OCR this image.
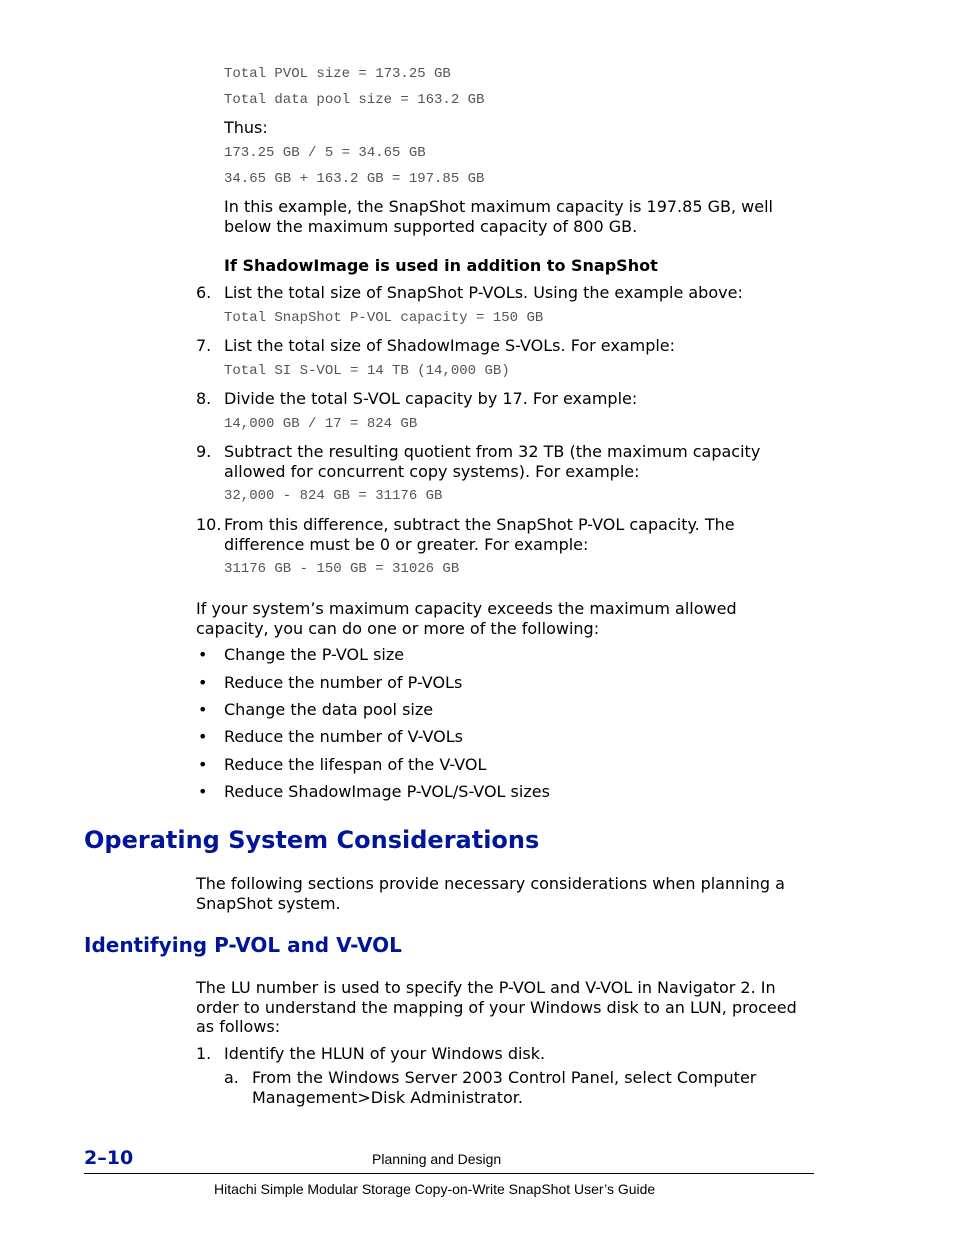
Total PVOL size = 173.25 GB
Total data pool size = 163.2 GB
Thus:
173.25 GB / 5 = 34.65 GB
34.65 GB + 163.2 GB = 197.85 GB
In this example, the SnapShot maximum capacity is 197.85 GB, well below the maximum supported capacity of 800 GB.
If ShadowImage is used in addition to SnapShot
6. List the total size of SnapShot P-VOLs. Using the example above:
Total SnapShot P-VOL capacity = 150 GB
7. List the total size of ShadowImage S-VOLs. For example:
Total SI S-VOL = 14 TB (14,000 GB)
8. Divide the total S-VOL capacity by 17. For example:
14,000 GB / 17 = 824 GB
9. Subtract the resulting quotient from 32 TB (the maximum capacity allowed for concurrent copy systems). For example:
32,000 - 824 GB = 31176 GB
10. From this difference, subtract the SnapShot P-VOL capacity. The difference must be 0 or greater. For example:
31176 GB - 150 GB = 31026 GB
If your system’s maximum capacity exceeds the maximum allowed capacity, you can do one or more of the following:
• Change the P-VOL size
• Reduce the number of P-VOLs
• Change the data pool size
• Reduce the number of V-VOLs
• Reduce the lifespan of the V-VOL
• Reduce ShadowImage P-VOL/S-VOL sizes
Operating System Considerations
The following sections provide necessary considerations when planning a SnapShot system.
Identifying P-VOL and V-VOL
The LU number is used to specify the P-VOL and V-VOL in Navigator 2. In order to understand the mapping of your Windows disk to an LUN, proceed as follows:
1. Identify the HLUN of your Windows disk.
a. From the Windows Server 2003 Control Panel, select Computer Management>Disk Administrator.
2–10	Planning and Design
Hitachi Simple Modular Storage Copy-on-Write SnapShot User’s Guide
